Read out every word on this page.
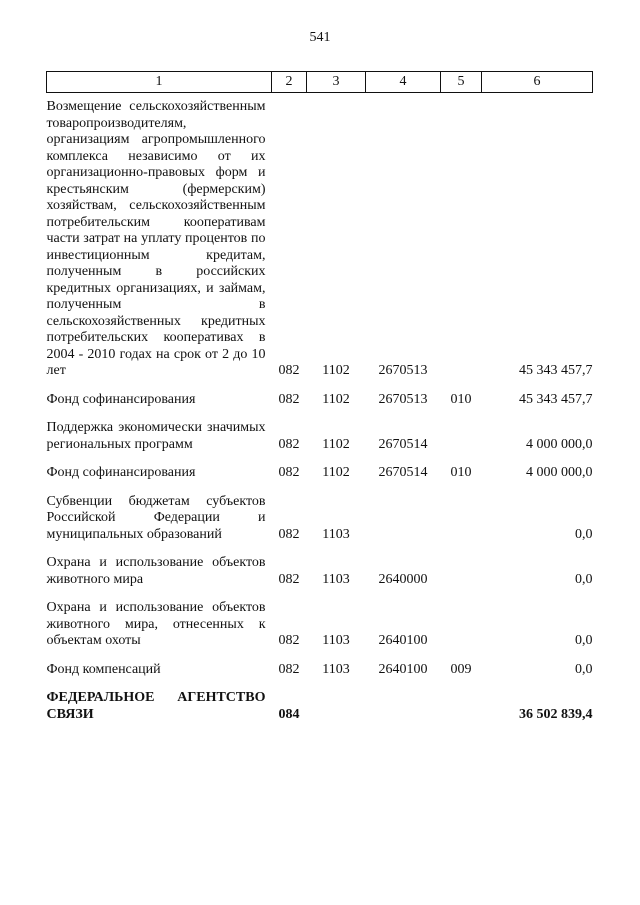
541
1	2	3	4	5	6
Возмещение сельскохозяйственным товаропроизводителям, организациям агропромышленного комплекса независимо от их организационно-правовых форм и крестьянским (фермерским) хозяйствам, сельскохозяйственным потребительским кооперативам части затрат на уплату процентов по инвестиционным кредитам, полученным в российских кредитных организациях, и займам, полученным в сельскохозяйственных кредитных потребительских кооперативах в 2004 - 2010 годах на срок от 2 до 10 лет	082	1102	2670513		45 343 457,7
Фонд софинансирования	082	1102	2670513	010	45 343 457,7
Поддержка экономически значимых региональных программ	082	1102	2670514		4 000 000,0
Фонд софинансирования	082	1102	2670514	010	4 000 000,0
Субвенции бюджетам субъектов Российской Федерации и муниципальных образований	082	1103			0,0
Охрана и использование объектов животного мира	082	1103	2640000		0,0
Охрана и использование объектов животного мира, отнесенных к объектам охоты	082	1103	2640100		0,0
Фонд компенсаций	082	1103	2640100	009	0,0
ФЕДЕРАЛЬНОЕ АГЕНТСТВО СВЯЗИ	084				36 502 839,4
